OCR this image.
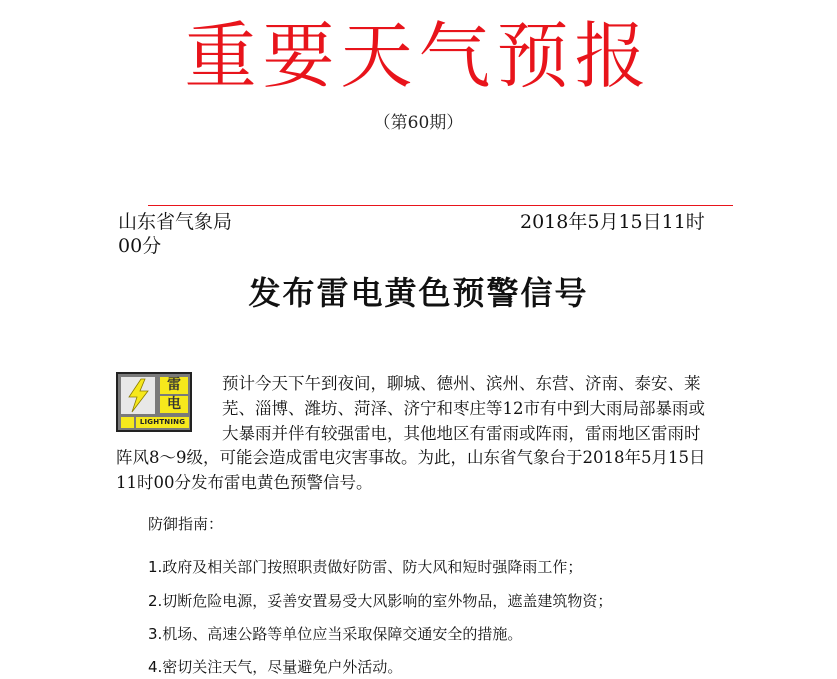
重要天气预报
（第60期）
山东省气象局	2018年5月15日11时
00分
发布雷电黄色预警信号
雷
电
LIGHTNING
预计今天下午到夜间，聊城、德州、滨州、东营、济南、泰安、莱芜、淄博、潍坊、菏泽、济宁和枣庄等12市有中到大雨局部暴雨或大暴雨并伴有较强雷电，其他地区有雷雨或阵雨，雷雨地区雷雨时阵风8～9级，可能会造成雷电灾害事故。为此，山东省气象台于2018年5月15日11时00分发布雷电黄色预警信号。
防御指南：
1.政府及相关部门按照职责做好防雷、防大风和短时强降雨工作；
2.切断危险电源，妥善安置易受大风影响的室外物品，遮盖建筑物资；
3.机场、高速公路等单位应当采取保障交通安全的措施。
4.密切关注天气，尽量避免户外活动。
